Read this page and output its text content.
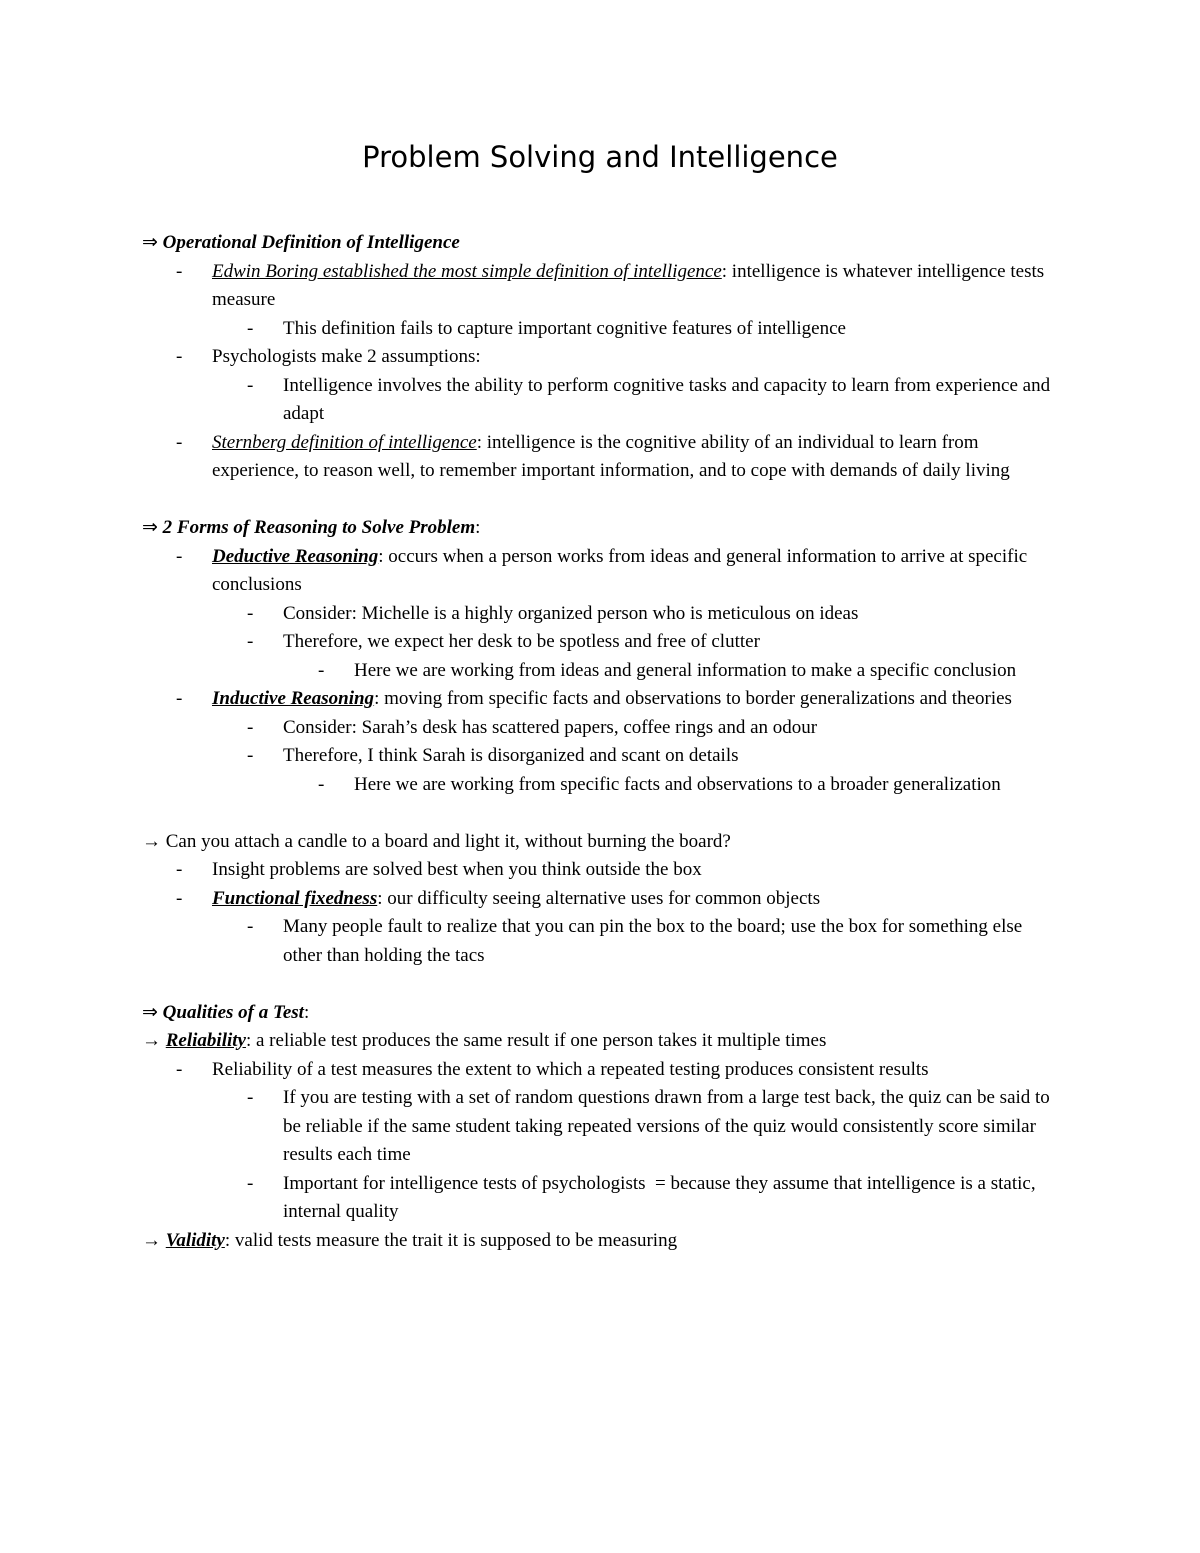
Problem Solving and Intelligence

⇒ Operational Definition of Intelligence

- Edwin Boring established the most simple definition of intelligence: intelligence is whatever intelligence tests measure
- This definition fails to capture important cognitive features of intelligence
- Psychologists make 2 assumptions:
- Intelligence involves the ability to perform cognitive tasks and capacity to learn from experience and adapt
- Sternberg definition of intelligence: intelligence is the cognitive ability of an individual to learn from experience, to reason well, to remember important information, and to cope with demands of daily living

⇒ 2 Forms of Reasoning to Solve Problem:

- Deductive Reasoning: occurs when a person works from ideas and general information to arrive at specific conclusions
- Consider: Michelle is a highly organized person who is meticulous on ideas
- Therefore, we expect her desk to be spotless and free of clutter
- Here we are working from ideas and general information to make a specific conclusion
- Inductive Reasoning: moving from specific facts and observations to border generalizations and theories
- Consider: Sarah’s desk has scattered papers, coffee rings and an odour
- Therefore, I think Sarah is disorganized and scant on details
- Here we are working from specific facts and observations to a broader generalization

→ Can you attach a candle to a board and light it, without burning the board?

- Insight problems are solved best when you think outside the box
- Functional fixedness: our difficulty seeing alternative uses for common objects
- Many people fault to realize that you can pin the box to the board; use the box for something else other than holding the tacs

⇒ Qualities of a Test:

→ Reliability: a reliable test produces the same result if one person takes it multiple times

- Reliability of a test measures the extent to which a repeated testing produces consistent results
- If you are testing with a set of random questions drawn from a large test back, the quiz can be said to be reliable if the same student taking repeated versions of the quiz would consistently score similar results each time
- Important for intelligence tests of psychologists  = because they assume that intelligence is a static, internal quality

→ Validity: valid tests measure the trait it is supposed to be measuring
